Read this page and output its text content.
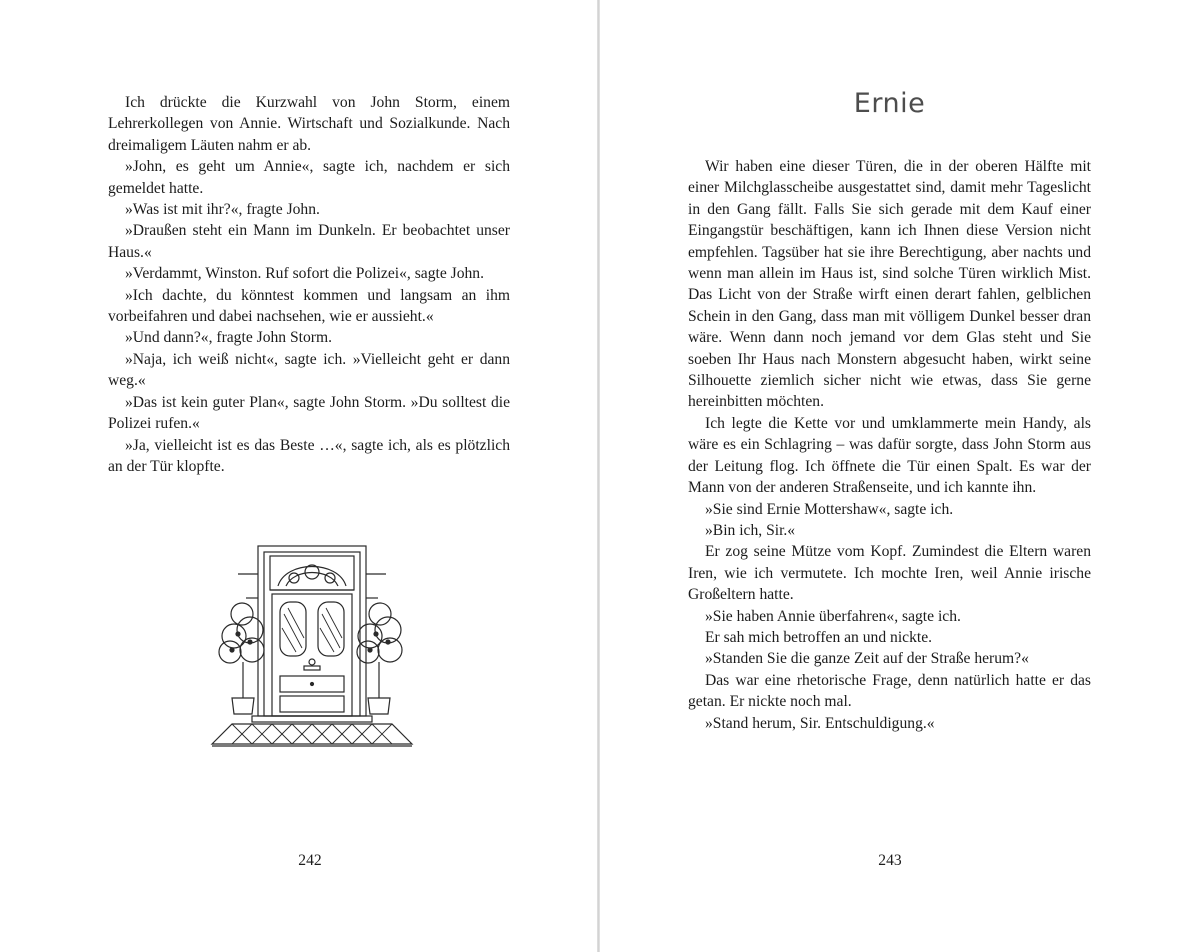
Ich drückte die Kurzwahl von John Storm, einem Lehrerkollegen von Annie. Wirtschaft und Sozialkunde. Nach dreimaligem Läuten nahm er ab.

»John, es geht um Annie«, sagte ich, nachdem er sich gemeldet hatte.

»Was ist mit ihr?«, fragte John.

»Draußen steht ein Mann im Dunkeln. Er beobachtet unser Haus.«

»Verdammt, Winston. Ruf sofort die Polizei«, sagte John.

»Ich dachte, du könntest kommen und langsam an ihm vorbeifahren und dabei nachsehen, wie er aussieht.«

»Und dann?«, fragte John Storm.

»Naja, ich weiß nicht«, sagte ich. »Vielleicht geht er dann weg.«

»Das ist kein guter Plan«, sagte John Storm. »Du solltest die Polizei rufen.«

»Ja, vielleicht ist es das Beste …«, sagte ich, als es plötzlich an der Tür klopfte.

242
Ernie

Wir haben eine dieser Türen, die in der oberen Hälfte mit einer Milchglasscheibe ausgestattet sind, damit mehr Tageslicht in den Gang fällt. Falls Sie sich gerade mit dem Kauf einer Eingangstür beschäftigen, kann ich Ihnen diese Version nicht empfehlen. Tagsüber hat sie ihre Berechtigung, aber nachts und wenn man allein im Haus ist, sind solche Türen wirklich Mist. Das Licht von der Straße wirft einen derart fahlen, gelblichen Schein in den Gang, dass man mit völligem Dunkel besser dran wäre. Wenn dann noch jemand vor dem Glas steht und Sie soeben Ihr Haus nach Monstern abgesucht haben, wirkt seine Silhouette ziemlich sicher nicht wie etwas, dass Sie gerne hereinbitten möchten.

Ich legte die Kette vor und umklammerte mein Handy, als wäre es ein Schlagring – was dafür sorgte, dass John Storm aus der Leitung flog. Ich öffnete die Tür einen Spalt. Es war der Mann von der anderen Straßenseite, und ich kannte ihn.

»Sie sind Ernie Mottershaw«, sagte ich.

»Bin ich, Sir.«

Er zog seine Mütze vom Kopf. Zumindest die Eltern waren Iren, wie ich vermutete. Ich mochte Iren, weil Annie irische Großeltern hatte.

»Sie haben Annie überfahren«, sagte ich.

Er sah mich betroffen an und nickte.

»Standen Sie die ganze Zeit auf der Straße herum?«

Das war eine rhetorische Frage, denn natürlich hatte er das getan. Er nickte noch mal.

»Stand herum, Sir. Entschuldigung.«

243
